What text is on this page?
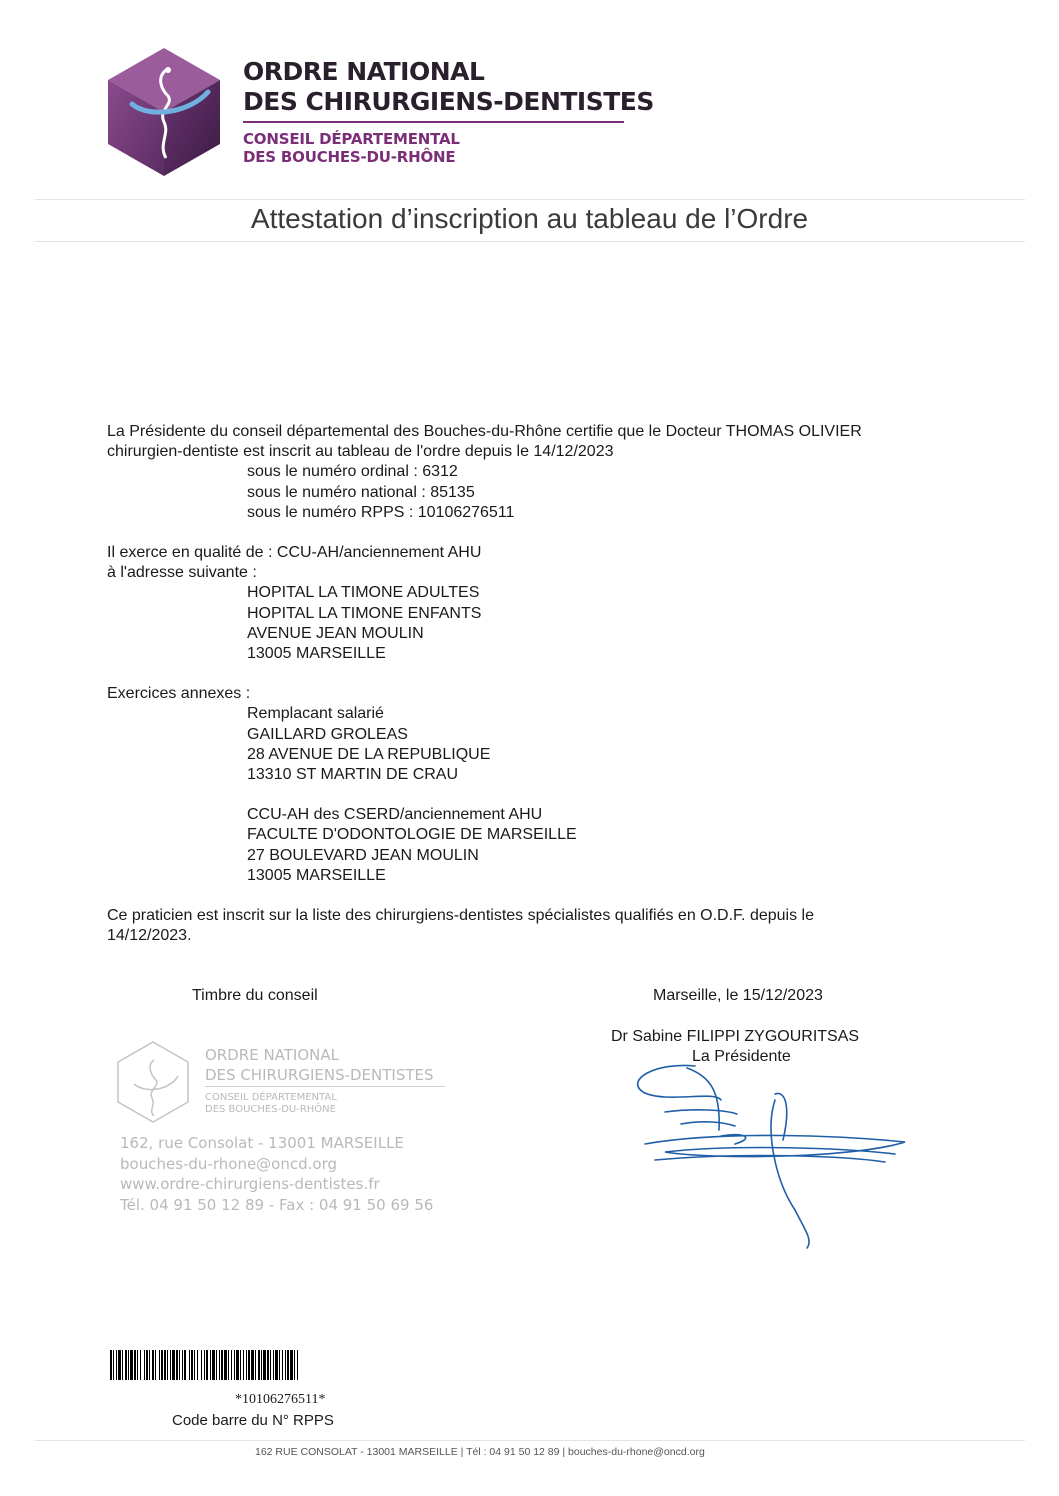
ORDRE NATIONAL
DES CHIRURGIENS-DENTISTES
CONSEIL DÉPARTEMENTAL
DES BOUCHES-DU-RHÔNE
Attestation d’inscription au tableau de l’Ordre
La Présidente du conseil départemental des Bouches-du-Rhône certifie que le Docteur THOMAS OLIVIER
chirurgien-dentiste est inscrit au tableau de l'ordre depuis le 14/12/2023
sous le numéro ordinal : 6312
sous le numéro national : 85135
sous le numéro RPPS : 10106276511
Il exerce en qualité de : CCU-AH/anciennement AHU
à l'adresse suivante :
HOPITAL LA TIMONE ADULTES
HOPITAL LA TIMONE ENFANTS
AVENUE JEAN MOULIN
13005 MARSEILLE
Exercices annexes :
Remplacant salarié
GAILLARD GROLEAS
28 AVENUE DE LA REPUBLIQUE
13310 ST MARTIN DE CRAU
CCU-AH des CSERD/anciennement AHU
FACULTE D'ODONTOLOGIE DE MARSEILLE
27 BOULEVARD JEAN MOULIN
13005 MARSEILLE
Ce praticien est inscrit sur la liste des chirurgiens-dentistes spécialistes qualifiés en O.D.F. depuis le
14/12/2023.
Timbre du conseil
ORDRE NATIONAL
DES CHIRURGIENS-DENTISTES
CONSEIL DÉPARTEMENTAL
DES BOUCHES-DU-RHÔNE
162, rue Consolat - 13001 MARSEILLE
bouches-du-rhone@oncd.org
www.ordre-chirurgiens-dentistes.fr
Tél. 04 91 50 12 89 - Fax : 04 91 50 69 56
Marseille, le 15/12/2023
Dr Sabine FILIPPI ZYGOURITSAS
La Présidente
*10106276511*
Code barre du N° RPPS
162 RUE CONSOLAT - 13001 MARSEILLE | Tél : 04 91 50 12 89 | bouches-du-rhone@oncd.org
